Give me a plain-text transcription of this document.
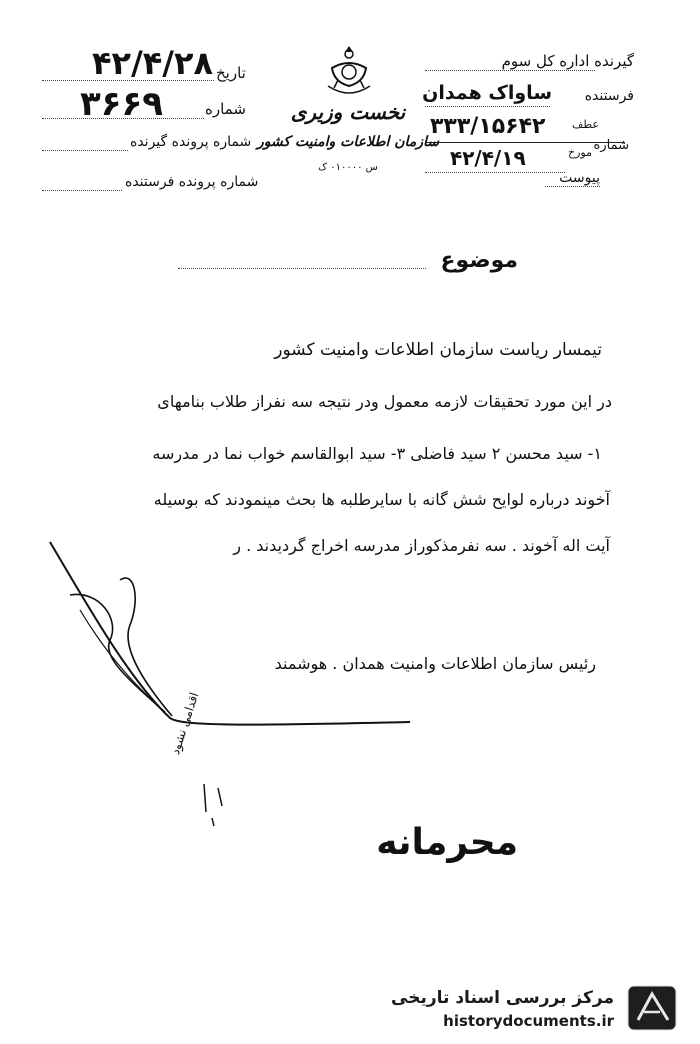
گیرنده اداره کل سوم
فرستنده
ساواک همدان
۳۳۳/۱۵۶۴۲
شماره
عطف
۴۲/۴/۱۹	مورخ
پیوست
نخست وزیری
سازمان اطلاعات وامنیت کشور
س ۰۱۰۰۰۰ ک
تاریخ
۴۲/۴/۲۸
شماره
۳۶۶۹
شماره پرونده گیرنده
شماره پرونده فرستنده
موضوع
تیمسار ریاست سازمان اطلاعات وامنیت کشور
در این مورد تحقیقات لازمه معمول ودر نتیجه سه نفراز طلاب بنامهای
۱- سید محسن ۲ سید فاضلی ۳- سید ابوالقاسم خواب نما در مدرسه
آخوند درباره لوایح شش گانه با سایرطلبه ها بحث مینمودند که بوسیله
آیت اله آخوند . سه نفرمذکوراز مدرسه اخراج گردیدند . ر
رئیس سازمان اطلاعات وامنیت همدان . هوشمند
اقدامی نشود
محرمانه
مرکز بررسی اسناد تاریخی
historydocuments.ir
